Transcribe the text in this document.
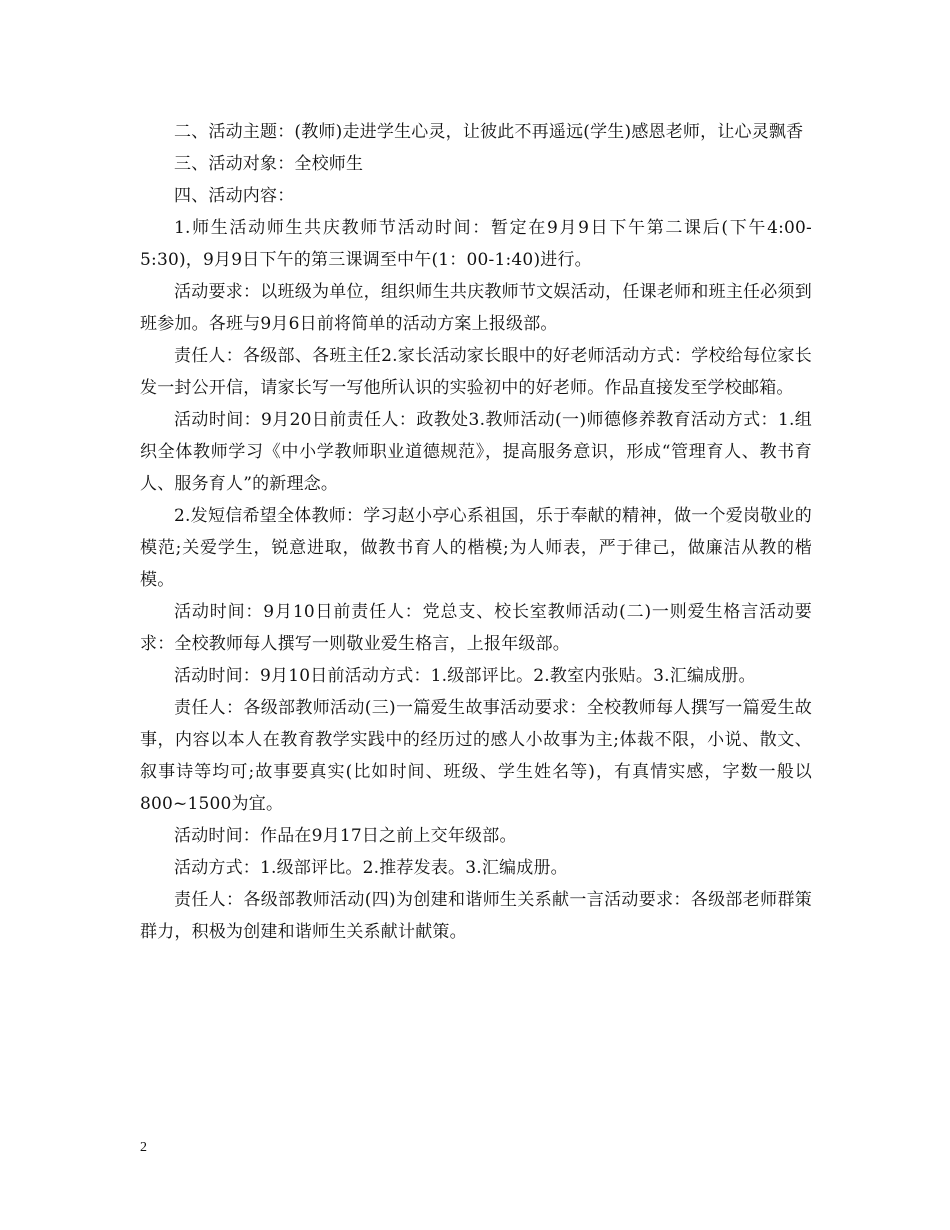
二、活动主题：(教师)走进学生心灵，让彼此不再遥远(学生)感恩老师，让心灵飘香

三、活动对象：全校师生

四、活动内容：

1.师生活动师生共庆教师节活动时间：暂定在9月9日下午第二课后(下午4:00-5:30)，9月9日下午的第三课调至中午(1：00-1:40)进行。

活动要求：以班级为单位，组织师生共庆教师节文娱活动，任课老师和班主任必须到班参加。各班与9月6日前将简单的活动方案上报级部。

责任人：各级部、各班主任2.家长活动家长眼中的好老师活动方式：学校给每位家长发一封公开信，请家长写一写他所认识的实验初中的好老师。作品直接发至学校邮箱。

活动时间：9月20日前责任人：政教处3.教师活动(一)师德修养教育活动方式：1.组织全体教师学习《中小学教师职业道德规范》，提高服务意识，形成“管理育人、教书育人、服务育人”的新理念。

2.发短信希望全体教师：学习赵小亭心系祖国，乐于奉献的精神，做一个爱岗敬业的模范;关爱学生，锐意进取，做教书育人的楷模;为人师表，严于律己，做廉洁从教的楷模。

活动时间：9月10日前责任人：党总支、校长室教师活动(二)一则爱生格言活动要求：全校教师每人撰写一则敬业爱生格言，上报年级部。

活动时间：9月10日前活动方式：1.级部评比。2.教室内张贴。3.汇编成册。

责任人：各级部教师活动(三)一篇爱生故事活动要求：全校教师每人撰写一篇爱生故事，内容以本人在教育教学实践中的经历过的感人小故事为主;体裁不限，小说、散文、叙事诗等均可;故事要真实(比如时间、班级、学生姓名等)，有真情实感，字数一般以800~1500为宜。

活动时间：作品在9月17日之前上交年级部。

活动方式：1.级部评比。2.推荐发表。3.汇编成册。

责任人：各级部教师活动(四)为创建和谐师生关系献一言活动要求：各级部老师群策群力，积极为创建和谐师生关系献计献策。

2
